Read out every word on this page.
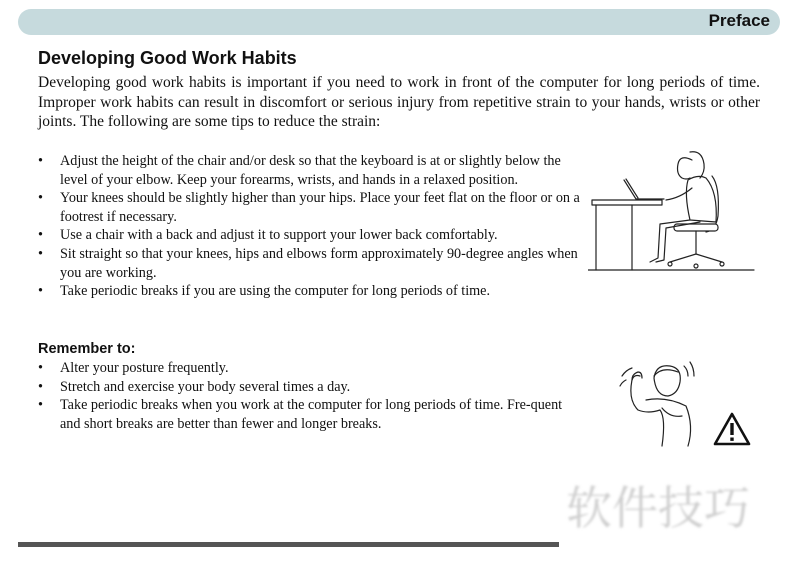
Preface
Developing Good Work Habits

Developing good work habits is important if you need to work in front of the computer for long periods of time. Improper work habits can result in discomfort or serious injury from repetitive strain to your hands, wrists or other joints. The following are some tips to reduce the strain:

• Adjust the height of the chair and/or desk so that the keyboard is at or slightly below the level of your elbow. Keep your forearms, wrists, and hands in a relaxed position.
• Your knees should be slightly higher than your hips. Place your feet flat on the floor or on a footrest if necessary.
• Use a chair with a back and adjust it to support your lower back comfortably.
• Sit straight so that your knees, hips and elbows form approximately 90-degree angles when you are working.
• Take periodic breaks if you are using the computer for long periods of time.
Remember to:
• Alter your posture frequently.
• Stretch and exercise your body several times a day.
• Take periodic breaks when you work at the computer for long periods of time. Fre-quent and short breaks are better than fewer and longer breaks.
软件技巧
